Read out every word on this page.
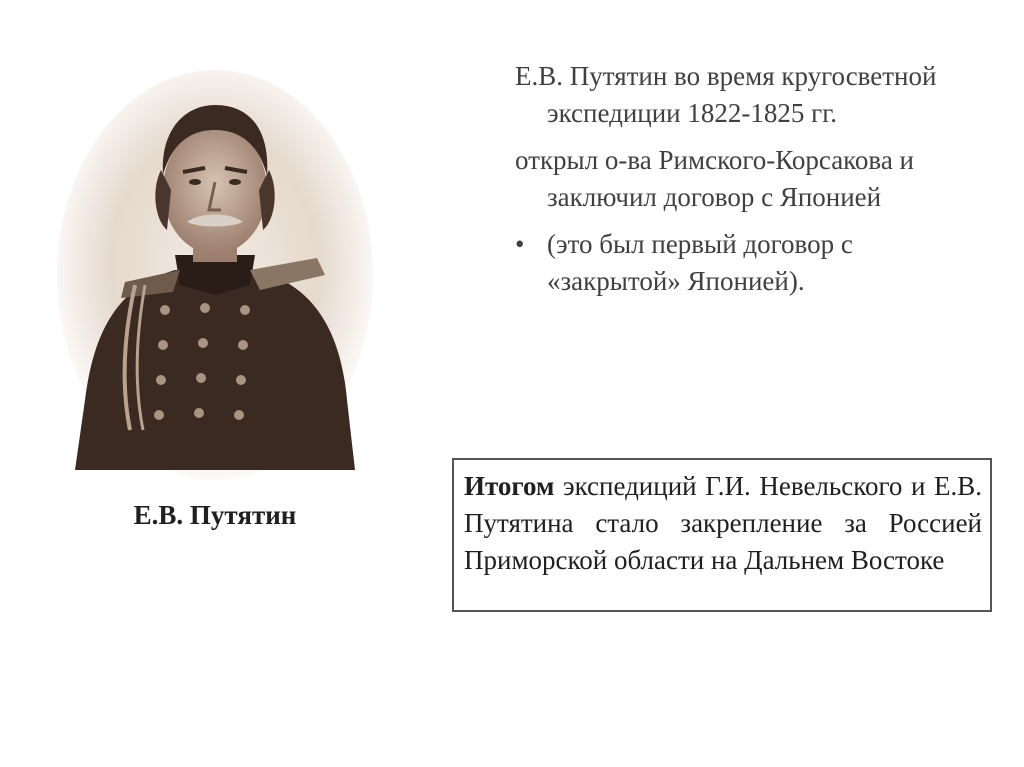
Е.В. Путятин

Е.В. Путятин во время кругосветной экспедиции 1822-1825 гг.

открыл о-ва Римского-Корсакова и заключил договор с Японией

• (это был первый договор с «закрытой» Японией).

Итогом экспедиций Г.И. Невельского и Е.В. Путятина стало закрепление за Россией Приморской области на Дальнем Востоке
